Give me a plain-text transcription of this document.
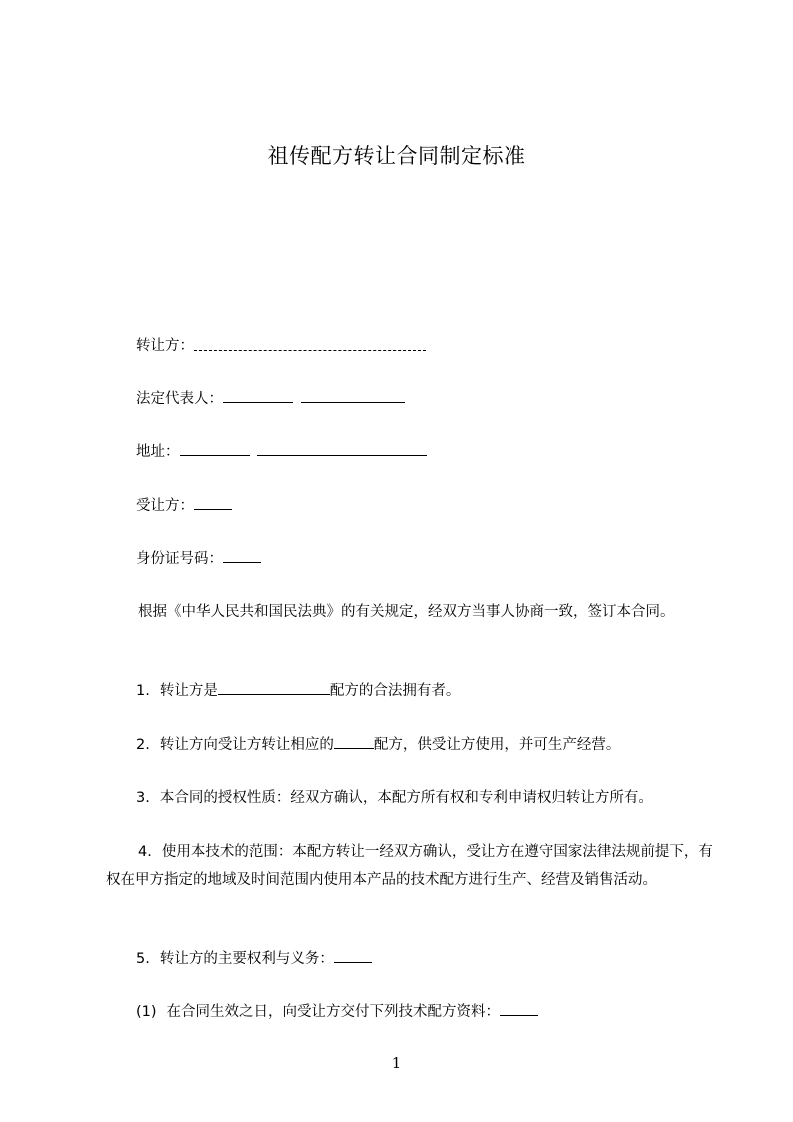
祖传配方转让合同制定标准
转让方：
法定代表人：
地址：
受让方：
身份证号码：
根据《中华人民共和国民法典》的有关规定，经双方当事人协商一致，签订本合同。
1. 转让方是	配方的合法拥有者。
2. 转让方向受让方转让相应的	配方，供受让方使用，并可生产经营。
3. 本合同的授权性质：经双方确认，本配方所有权和专利申请权归转让方所有。
4. 使用本技术的范围：本配方转让一经双方确认，受让方在遵守国家法律法规前提下，有权在甲方指定的地域及时间范围内使用本产品的技术配方进行生产、经营及销售活动。
5. 转让方的主要权利与义务：
(1) 在合同生效之日，向受让方交付下列技术配方资料：
1
